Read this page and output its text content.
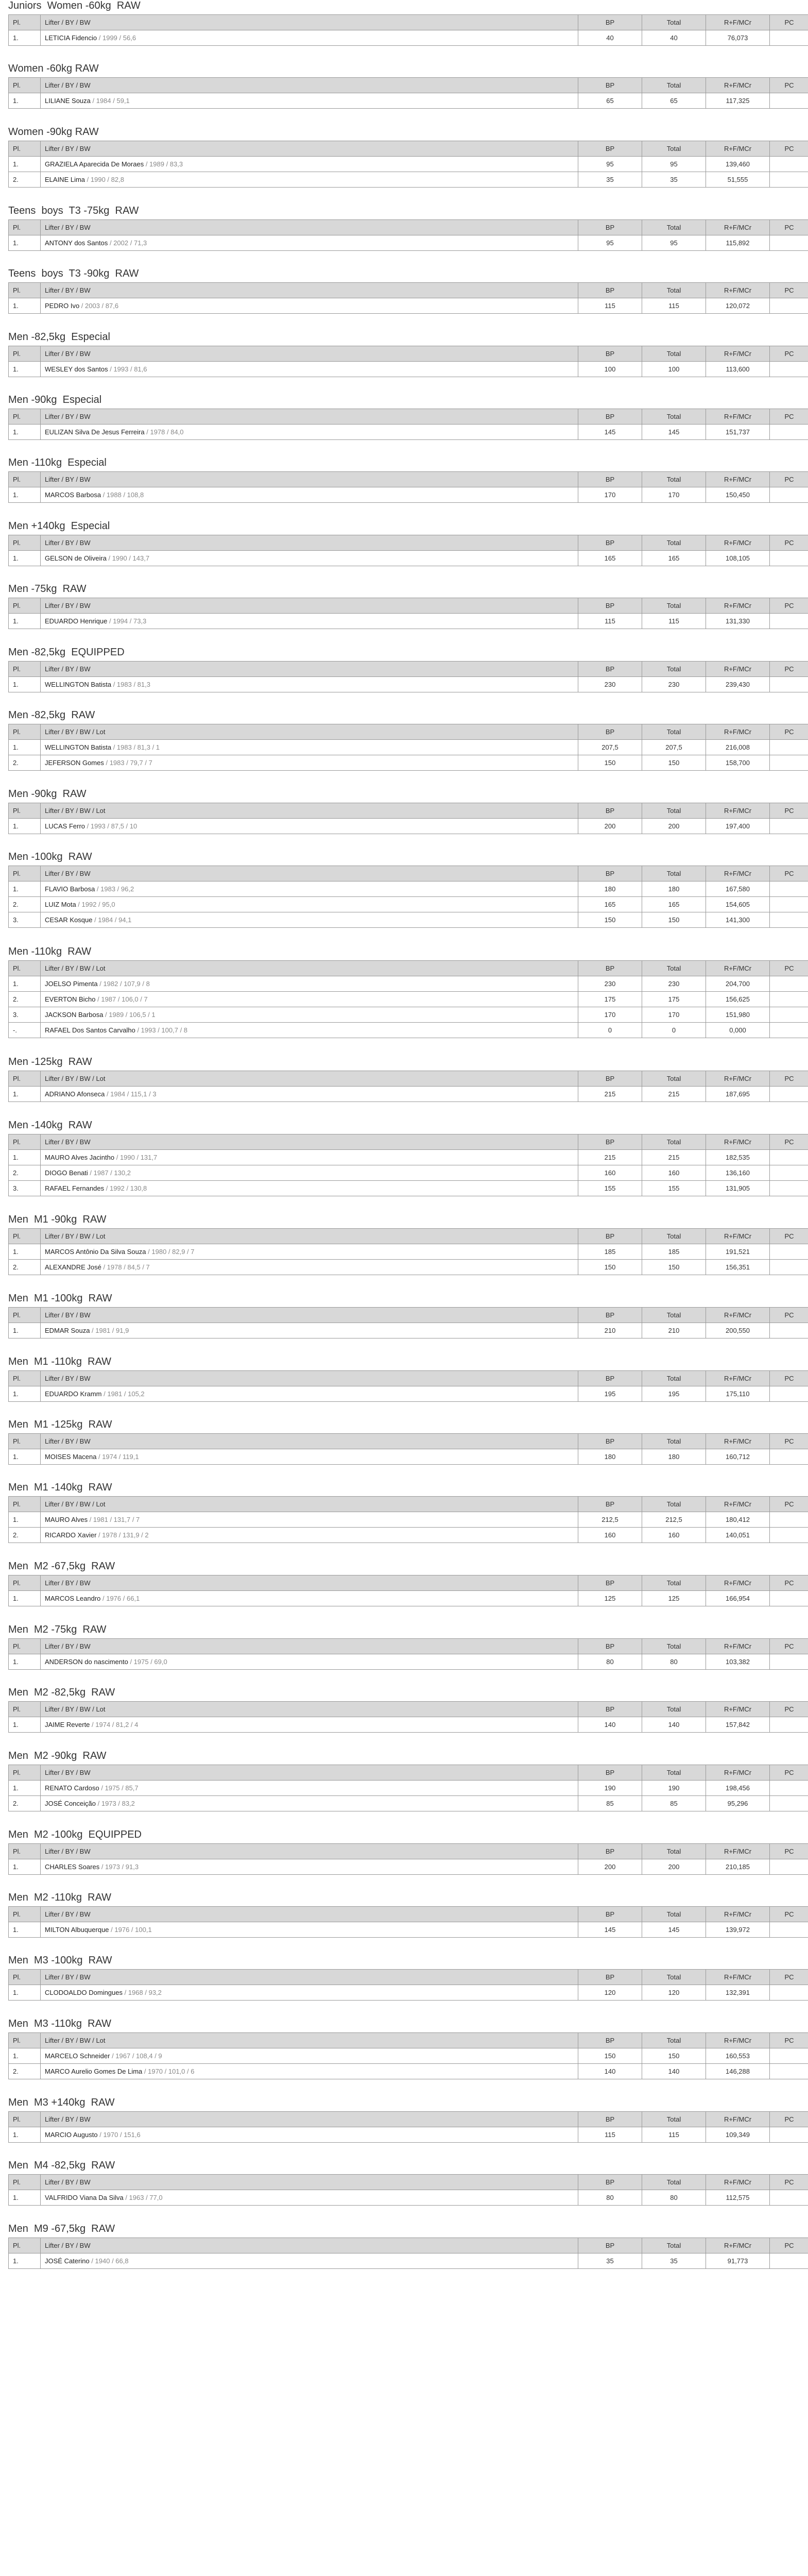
Juniors  Women -60kg  RAW
Pl.	Lifter / BY / BW	BP	Total	R+F/MCr	PC
1.	LETICIA Fidencio / 1999 / 56,6	40	40	76,073	
Women -60kg RAW
Pl.	Lifter / BY / BW	BP	Total	R+F/MCr	PC
1.	LILIANE Souza / 1984 / 59,1	65	65	117,325	
Women -90kg RAW
Pl.	Lifter / BY / BW	BP	Total	R+F/MCr	PC
1.	GRAZIELA Aparecida De Moraes / 1989 / 83,3	95	95	139,460	
2.	ELAINE Lima / 1990 / 82,8	35	35	51,555	
Teens  boys  T3 -75kg  RAW
Pl.	Lifter / BY / BW	BP	Total	R+F/MCr	PC
1.	ANTONY dos Santos / 2002 / 71,3	95	95	115,892	
Teens  boys  T3 -90kg  RAW
Pl.	Lifter / BY / BW	BP	Total	R+F/MCr	PC
1.	PEDRO Ivo / 2003 / 87,6	115	115	120,072	
Men -82,5kg  Especial
Pl.	Lifter / BY / BW	BP	Total	R+F/MCr	PC
1.	WESLEY dos Santos / 1993 / 81,6	100	100	113,600	
Men -90kg  Especial
Pl.	Lifter / BY / BW	BP	Total	R+F/MCr	PC
1.	EULIZAN Silva De Jesus Ferreira / 1978 / 84,0	145	145	151,737	
Men -110kg  Especial
Pl.	Lifter / BY / BW	BP	Total	R+F/MCr	PC
1.	MARCOS Barbosa / 1988 / 108,8	170	170	150,450	
Men +140kg  Especial
Pl.	Lifter / BY / BW	BP	Total	R+F/MCr	PC
1.	GELSON de Oliveira / 1990 / 143,7	165	165	108,105	
Men -75kg  RAW
Pl.	Lifter / BY / BW	BP	Total	R+F/MCr	PC
1.	EDUARDO Henrique / 1994 / 73,3	115	115	131,330	
Men -82,5kg  EQUIPPED
Pl.	Lifter / BY / BW	BP	Total	R+F/MCr	PC
1.	WELLINGTON Batista / 1983 / 81,3	230	230	239,430	
Men -82,5kg  RAW
Pl.	Lifter / BY / BW / Lot	BP	Total	R+F/MCr	PC
1.	WELLINGTON Batista / 1983 / 81,3 / 1	207,5	207,5	216,008	
2.	JEFERSON Gomes / 1983 / 79,7 / 7	150	150	158,700	
Men -90kg  RAW
Pl.	Lifter / BY / BW / Lot	BP	Total	R+F/MCr	PC
1.	LUCAS Ferro / 1993 / 87,5 / 10	200	200	197,400	
Men -100kg  RAW
Pl.	Lifter / BY / BW	BP	Total	R+F/MCr	PC
1.	FLAVIO Barbosa / 1983 / 96,2	180	180	167,580	
2.	LUIZ Mota / 1992 / 95,0	165	165	154,605	
3.	CESAR Kosque / 1984 / 94,1	150	150	141,300	
Men -110kg  RAW
Pl.	Lifter / BY / BW / Lot	BP	Total	R+F/MCr	PC
1.	JOELSO Pimenta / 1982 / 107,9 / 8	230	230	204,700	
2.	EVERTON Bicho / 1987 / 106,0 / 7	175	175	156,625	
3.	JACKSON Barbosa / 1989 / 106,5 / 1	170	170	151,980	
-.	RAFAEL Dos Santos Carvalho / 1993 / 100,7 / 8	0	0	0,000	
Men -125kg  RAW
Pl.	Lifter / BY / BW / Lot	BP	Total	R+F/MCr	PC
1.	ADRIANO Afonseca / 1984 / 115,1 / 3	215	215	187,695	
Men -140kg  RAW
Pl.	Lifter / BY / BW	BP	Total	R+F/MCr	PC
1.	MAURO Alves Jacintho / 1990 / 131,7	215	215	182,535	
2.	DIOGO Benati / 1987 / 130,2	160	160	136,160	
3.	RAFAEL Fernandes / 1992 / 130,8	155	155	131,905	
Men  M1 -90kg  RAW
Pl.	Lifter / BY / BW / Lot	BP	Total	R+F/MCr	PC
1.	MARCOS Antônio Da Silva Souza / 1980 / 82,9 / 7	185	185	191,521	
2.	ALEXANDRE José / 1978 / 84,5 / 7	150	150	156,351	
Men  M1 -100kg  RAW
Pl.	Lifter / BY / BW	BP	Total	R+F/MCr	PC
1.	EDMAR Souza / 1981 / 91,9	210	210	200,550	
Men  M1 -110kg  RAW
Pl.	Lifter / BY / BW	BP	Total	R+F/MCr	PC
1.	EDUARDO Kramm / 1981 / 105,2	195	195	175,110	
Men  M1 -125kg  RAW
Pl.	Lifter / BY / BW	BP	Total	R+F/MCr	PC
1.	MOISES Macena / 1974 / 119,1	180	180	160,712	
Men  M1 -140kg  RAW
Pl.	Lifter / BY / BW / Lot	BP	Total	R+F/MCr	PC
1.	MAURO Alves / 1981 / 131,7 / 7	212,5	212,5	180,412	
2.	RICARDO Xavier / 1978 / 131,9 / 2	160	160	140,051	
Men  M2 -67,5kg  RAW
Pl.	Lifter / BY / BW	BP	Total	R+F/MCr	PC
1.	MARCOS Leandro / 1976 / 66,1	125	125	166,954	
Men  M2 -75kg  RAW
Pl.	Lifter / BY / BW	BP	Total	R+F/MCr	PC
1.	ANDERSON do nascimento / 1975 / 69,0	80	80	103,382	
Men  M2 -82,5kg  RAW
Pl.	Lifter / BY / BW / Lot	BP	Total	R+F/MCr	PC
1.	JAIME Reverte / 1974 / 81,2 / 4	140	140	157,842	
Men  M2 -90kg  RAW
Pl.	Lifter / BY / BW	BP	Total	R+F/MCr	PC
1.	RENATO Cardoso / 1975 / 85,7	190	190	198,456	
2.	JOSÉ Conceição / 1973 / 83,2	85	85	95,296	
Men  M2 -100kg  EQUIPPED
Pl.	Lifter / BY / BW	BP	Total	R+F/MCr	PC
1.	CHARLES Soares / 1973 / 91,3	200	200	210,185	
Men  M2 -110kg  RAW
Pl.	Lifter / BY / BW	BP	Total	R+F/MCr	PC
1.	MILTON Albuquerque / 1976 / 100,1	145	145	139,972	
Men  M3 -100kg  RAW
Pl.	Lifter / BY / BW	BP	Total	R+F/MCr	PC
1.	CLODOALDO Domingues / 1968 / 93,2	120	120	132,391	
Men  M3 -110kg  RAW
Pl.	Lifter / BY / BW / Lot	BP	Total	R+F/MCr	PC
1.	MARCELO Schneider / 1967 / 108,4 / 9	150	150	160,553	
2.	MARCO Aurelio Gomes De Lima / 1970 / 101,0 / 6	140	140	146,288	
Men  M3 +140kg  RAW
Pl.	Lifter / BY / BW	BP	Total	R+F/MCr	PC
1.	MARCIO Augusto / 1970 / 151,6	115	115	109,349	
Men  M4 -82,5kg  RAW
Pl.	Lifter / BY / BW	BP	Total	R+F/MCr	PC
1.	VALFRIDO Viana Da Silva / 1963 / 77,0	80	80	112,575	
Men  M9 -67,5kg  RAW
Pl.	Lifter / BY / BW	BP	Total	R+F/MCr	PC
1.	JOSÉ Caterino / 1940 / 66,8	35	35	91,773	
